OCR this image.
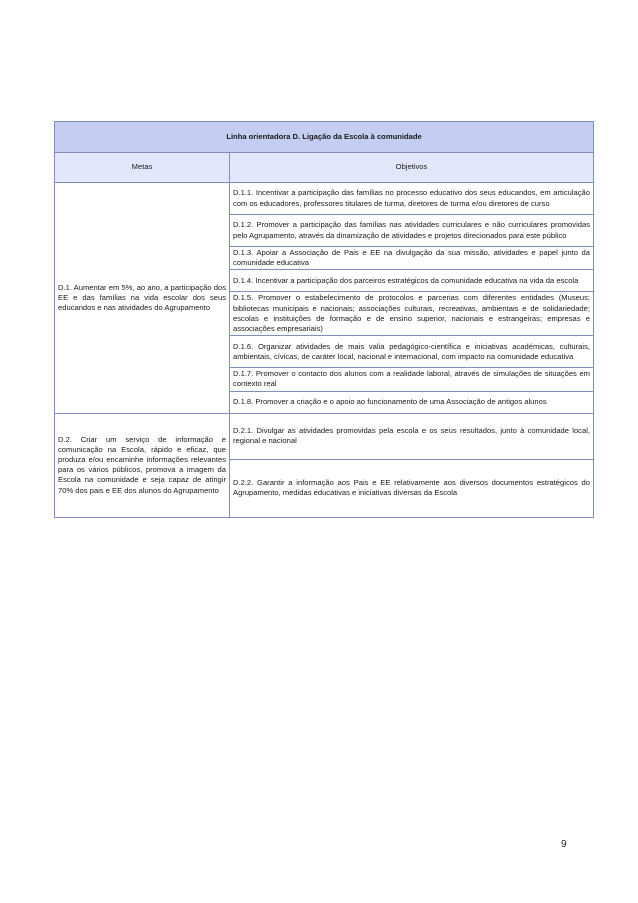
Linha orientadora D. Ligação da Escola à comunidade	
Metas	Objetivos
D.1. Aumentar em 5%, ao ano, a participação dos EE e das famílias na vida escolar dos seus educandos e nas atividades do Agrupamento	D.1.1. Incentivar a participação das famílias no processo educativo dos seus educandos, em articulação com os educadores, professores titulares de turma, diretores de turma e/ou diretores de curso
	D.1.2. Promover a participação das famílias nas atividades curriculares e não curriculares promovidas pelo Agrupamento, através da dinamização de atividades e projetos direcionados para este público
	D.1.3. Apoiar a Associação de Pais e EE na divulgação da sua missão, atividades e papel junto da comunidade educativa
	D.1.4. Incentivar a participação dos parceiros estratégicos da comunidade educativa na vida da escola
	D.1.5. Promover o estabelecimento de protocolos e parcerias com diferentes entidades (Museus; bibliotecas municipais e nacionais; associações culturais, recreativas, ambientais e de solidariedade; escolas e instituições de formação e de ensino superior, nacionais e estrangeiras; empresas e associações empresariais)
	D.1.6. Organizar atividades de mais valia pedagógico-científica e iniciativas académicas, culturais, ambientais, cívicas, de caráter local, nacional e internacional, com impacto na comunidade educativa
	D.1.7. Promover o contacto dos alunos com a realidade laboral, através de simulações de situações em contexto real
	D.1.8. Promover a criação e o apoio ao funcionamento de uma Associação de antigos alunos
D.2. Criar um serviço de informação e comunicação na Escola, rápido e eficaz, que produza e/ou encaminhe informações relevantes para os vários públicos, promova a imagem da Escola na comunidade e seja capaz de atingir 70% dos pais e EE dos alunos do Agrupamento	D.2.1. Divulgar as atividades promovidas pela escola e os seus resultados, junto à comunidade local, regional e nacional
	D.2.2. Garantir a informação aos Pais e EE relativamente aos diversos documentos estratégicos do Agrupamento, medidas educativas e iniciativas diversas da Escola
9
